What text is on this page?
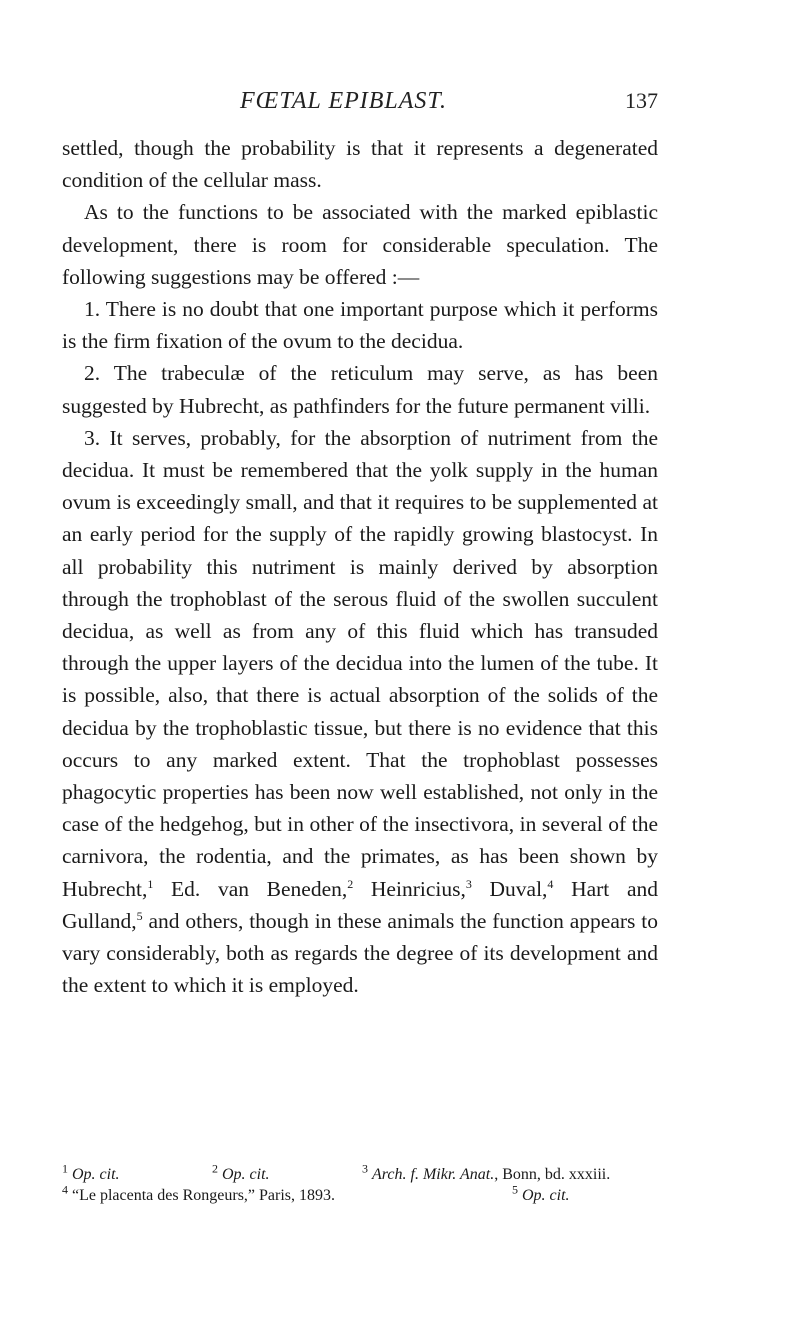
FŒTAL EPIBLAST.	137

settled, though the probability is that it represents a degenerated condition of the cellular mass.

As to the functions to be associated with the marked epiblastic development, there is room for considerable speculation. The following suggestions may be offered :—

1. There is no doubt that one important purpose which it performs is the firm fixation of the ovum to the decidua.

2. The trabeculæ of the reticulum may serve, as has been suggested by Hubrecht, as pathfinders for the future permanent villi.

3. It serves, probably, for the absorption of nutriment from the decidua. It must be remembered that the yolk supply in the human ovum is exceedingly small, and that it requires to be supplemented at an early period for the supply of the rapidly growing blastocyst. In all probability this nutriment is mainly derived by absorption through the trophoblast of the serous fluid of the swollen succulent decidua, as well as from any of this fluid which has transuded through the upper layers of the decidua into the lumen of the tube. It is possible, also, that there is actual absorption of the solids of the decidua by the trophoblastic tissue, but there is no evidence that this occurs to any marked extent. That the trophoblast possesses phagocytic properties has been now well established, not only in the case of the hedgehog, but in other of the insectivora, in several of the carnivora, the rodentia, and the primates, as has been shown by Hubrecht,$^1$ Ed. van Beneden,$^2$ Heinricius,$^3$ Duval,$^4$ Hart and Gulland,$^5$ and others, though in these animals the function appears to vary considerably, both as regards the degree of its development and the extent to which it is employed.

$^1$ Op. cit.	$^2$ Op. cit.	$^3$ Arch. f. Mikr. Anat., Bonn, bd. xxxiii.

$^4$ “Le placenta des Rongeurs,” Paris, 1893.	$^5$ Op. cit.
